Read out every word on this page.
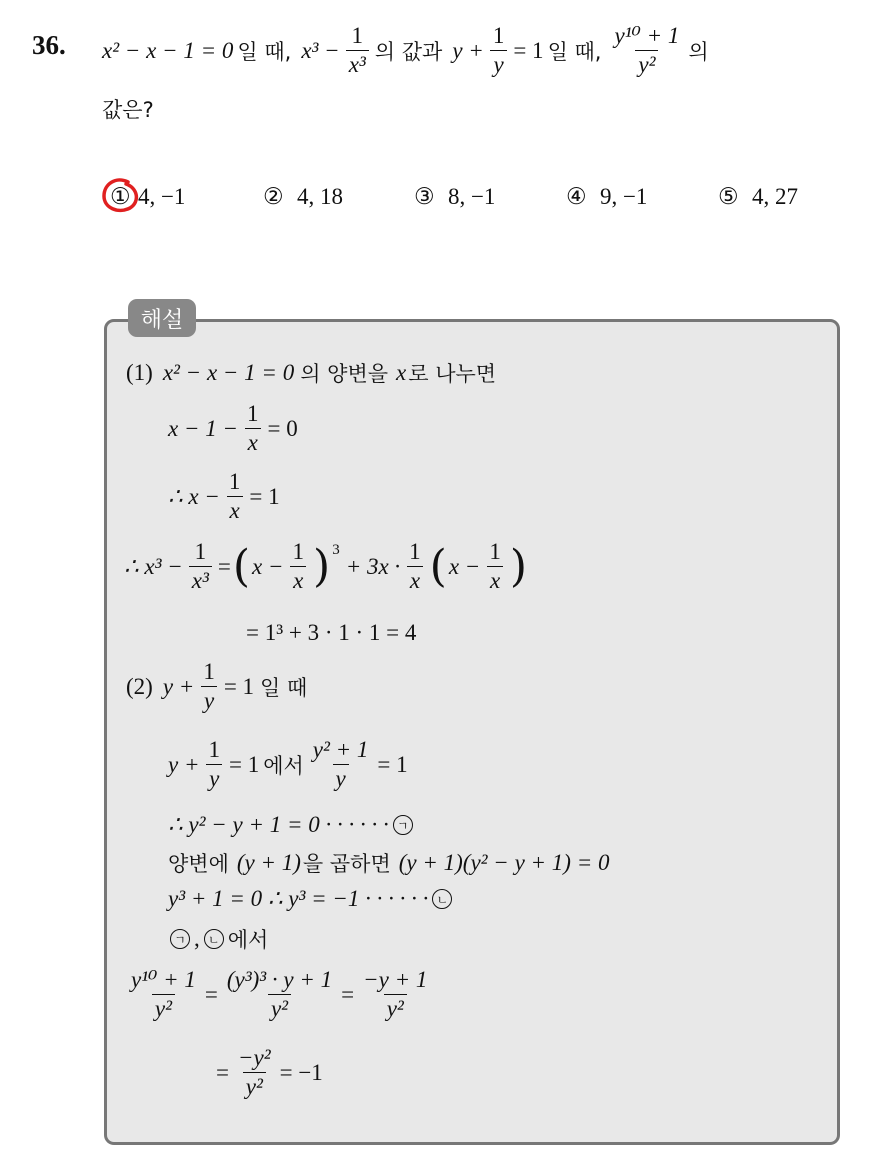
36. x² − x − 1 = 0 일 때, $x^3 - \frac{1}{\text{x³}}$ 의 값과 $y + \frac{1}{y} = 1$ 일 때, $\frac{\text{y¹⁰ + 1}}{\text{y²}}$ 의
값은?
① 4, −1	② 4, 18	③ 8, −1	④ 9, −1	⑤ 4, 27
해설
(1) x² − x − 1 = 0 의 양변을 x 로 나누면
$x - 1 - \frac{1}{x} = 0$
∴ $x - \frac{1}{x} = 1$
∴ $x^3 - \frac{1}{\text{x³}}$ = ( $x - \frac{1}{x}$ ) 3
+ $3x \cdot \frac{1}{x}$ ( $x - \frac{1}{x}$ )
= 1³ + 3 · 1 · 1 = 4
(2) $y + \frac{1}{y} = 1$ 일 때
$y + \frac{1}{y} = 1$ 에서 $\frac{\text{y² + 1}}{y} = 1$
∴ y² − y + 1 = 0 · · · · · · ㄱ
양변에 (y + 1) 을 곱하면 (y + 1)(y² − y + 1) = 0
y³ + 1 = 0 ∴ y³ = −1 · · · · · · ㄴ
ㄱ , ㄴ 에서
$\frac{\text{y¹⁰ + 1}}{\text{y²}} = \frac{\text{(y³)³ · y + 1}}{\text{y²}} = \frac{-y + 1}{\text{y²}}$
= $\frac{\text{−y²}}{\text{y²}} = -1$
